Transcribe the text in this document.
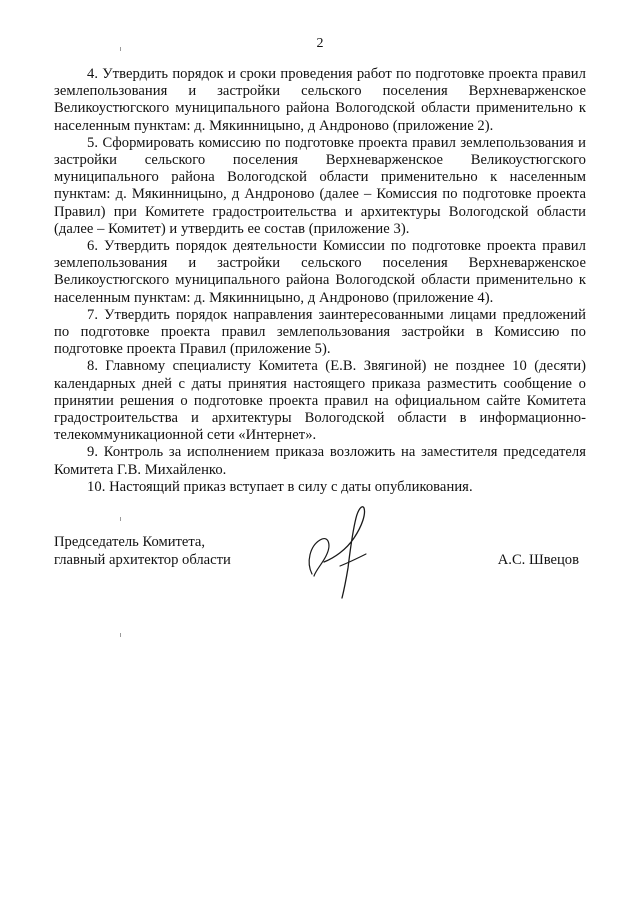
2

4. Утвердить порядок и сроки проведения работ по подготовке проекта правил землепользования и застройки сельского поселения Верхневарженское Великоустюгского муниципального района Вологодской области применительно к населенным пунктам: д. Мякинницыно, д Андроново (приложение 2).

5. Сформировать комиссию по подготовке проекта правил землепользования и застройки сельского поселения Верхневарженское Великоустюгского муниципального района Вологодской области применительно к населенным пунктам: д. Мякинницыно, д Андроново (далее – Комиссия по подготовке проекта Правил) при Комитете градостроительства и архитектуры Вологодской области (далее – Комитет) и утвердить ее состав (приложение 3).

6. Утвердить порядок деятельности Комиссии по подготовке проекта правил землепользования и застройки сельского поселения Верхневарженское Великоустюгского муниципального района Вологодской области применительно к населенным пунктам: д. Мякинницыно, д Андроново (приложение 4).

7. Утвердить порядок направления заинтересованными лицами предложений по подготовке проекта правил землепользования застройки в Комиссию по подготовке проекта Правил (приложение 5).

8. Главному специалисту Комитета (Е.В. Звягиной) не позднее 10 (десяти) календарных дней с даты принятия настоящего приказа разместить сообщение о принятии решения о подготовке проекта правил на официальном сайте Комитета градостроительства и архитектуры Вологодской области в информационно-телекоммуникационной сети «Интернет».

9. Контроль за исполнением приказа возложить на заместителя председателя Комитета Г.В. Михайленко.

10. Настоящий приказ вступает в силу с даты опубликования.

Председатель Комитета,
главный архитектор области	А.С. Швецов
